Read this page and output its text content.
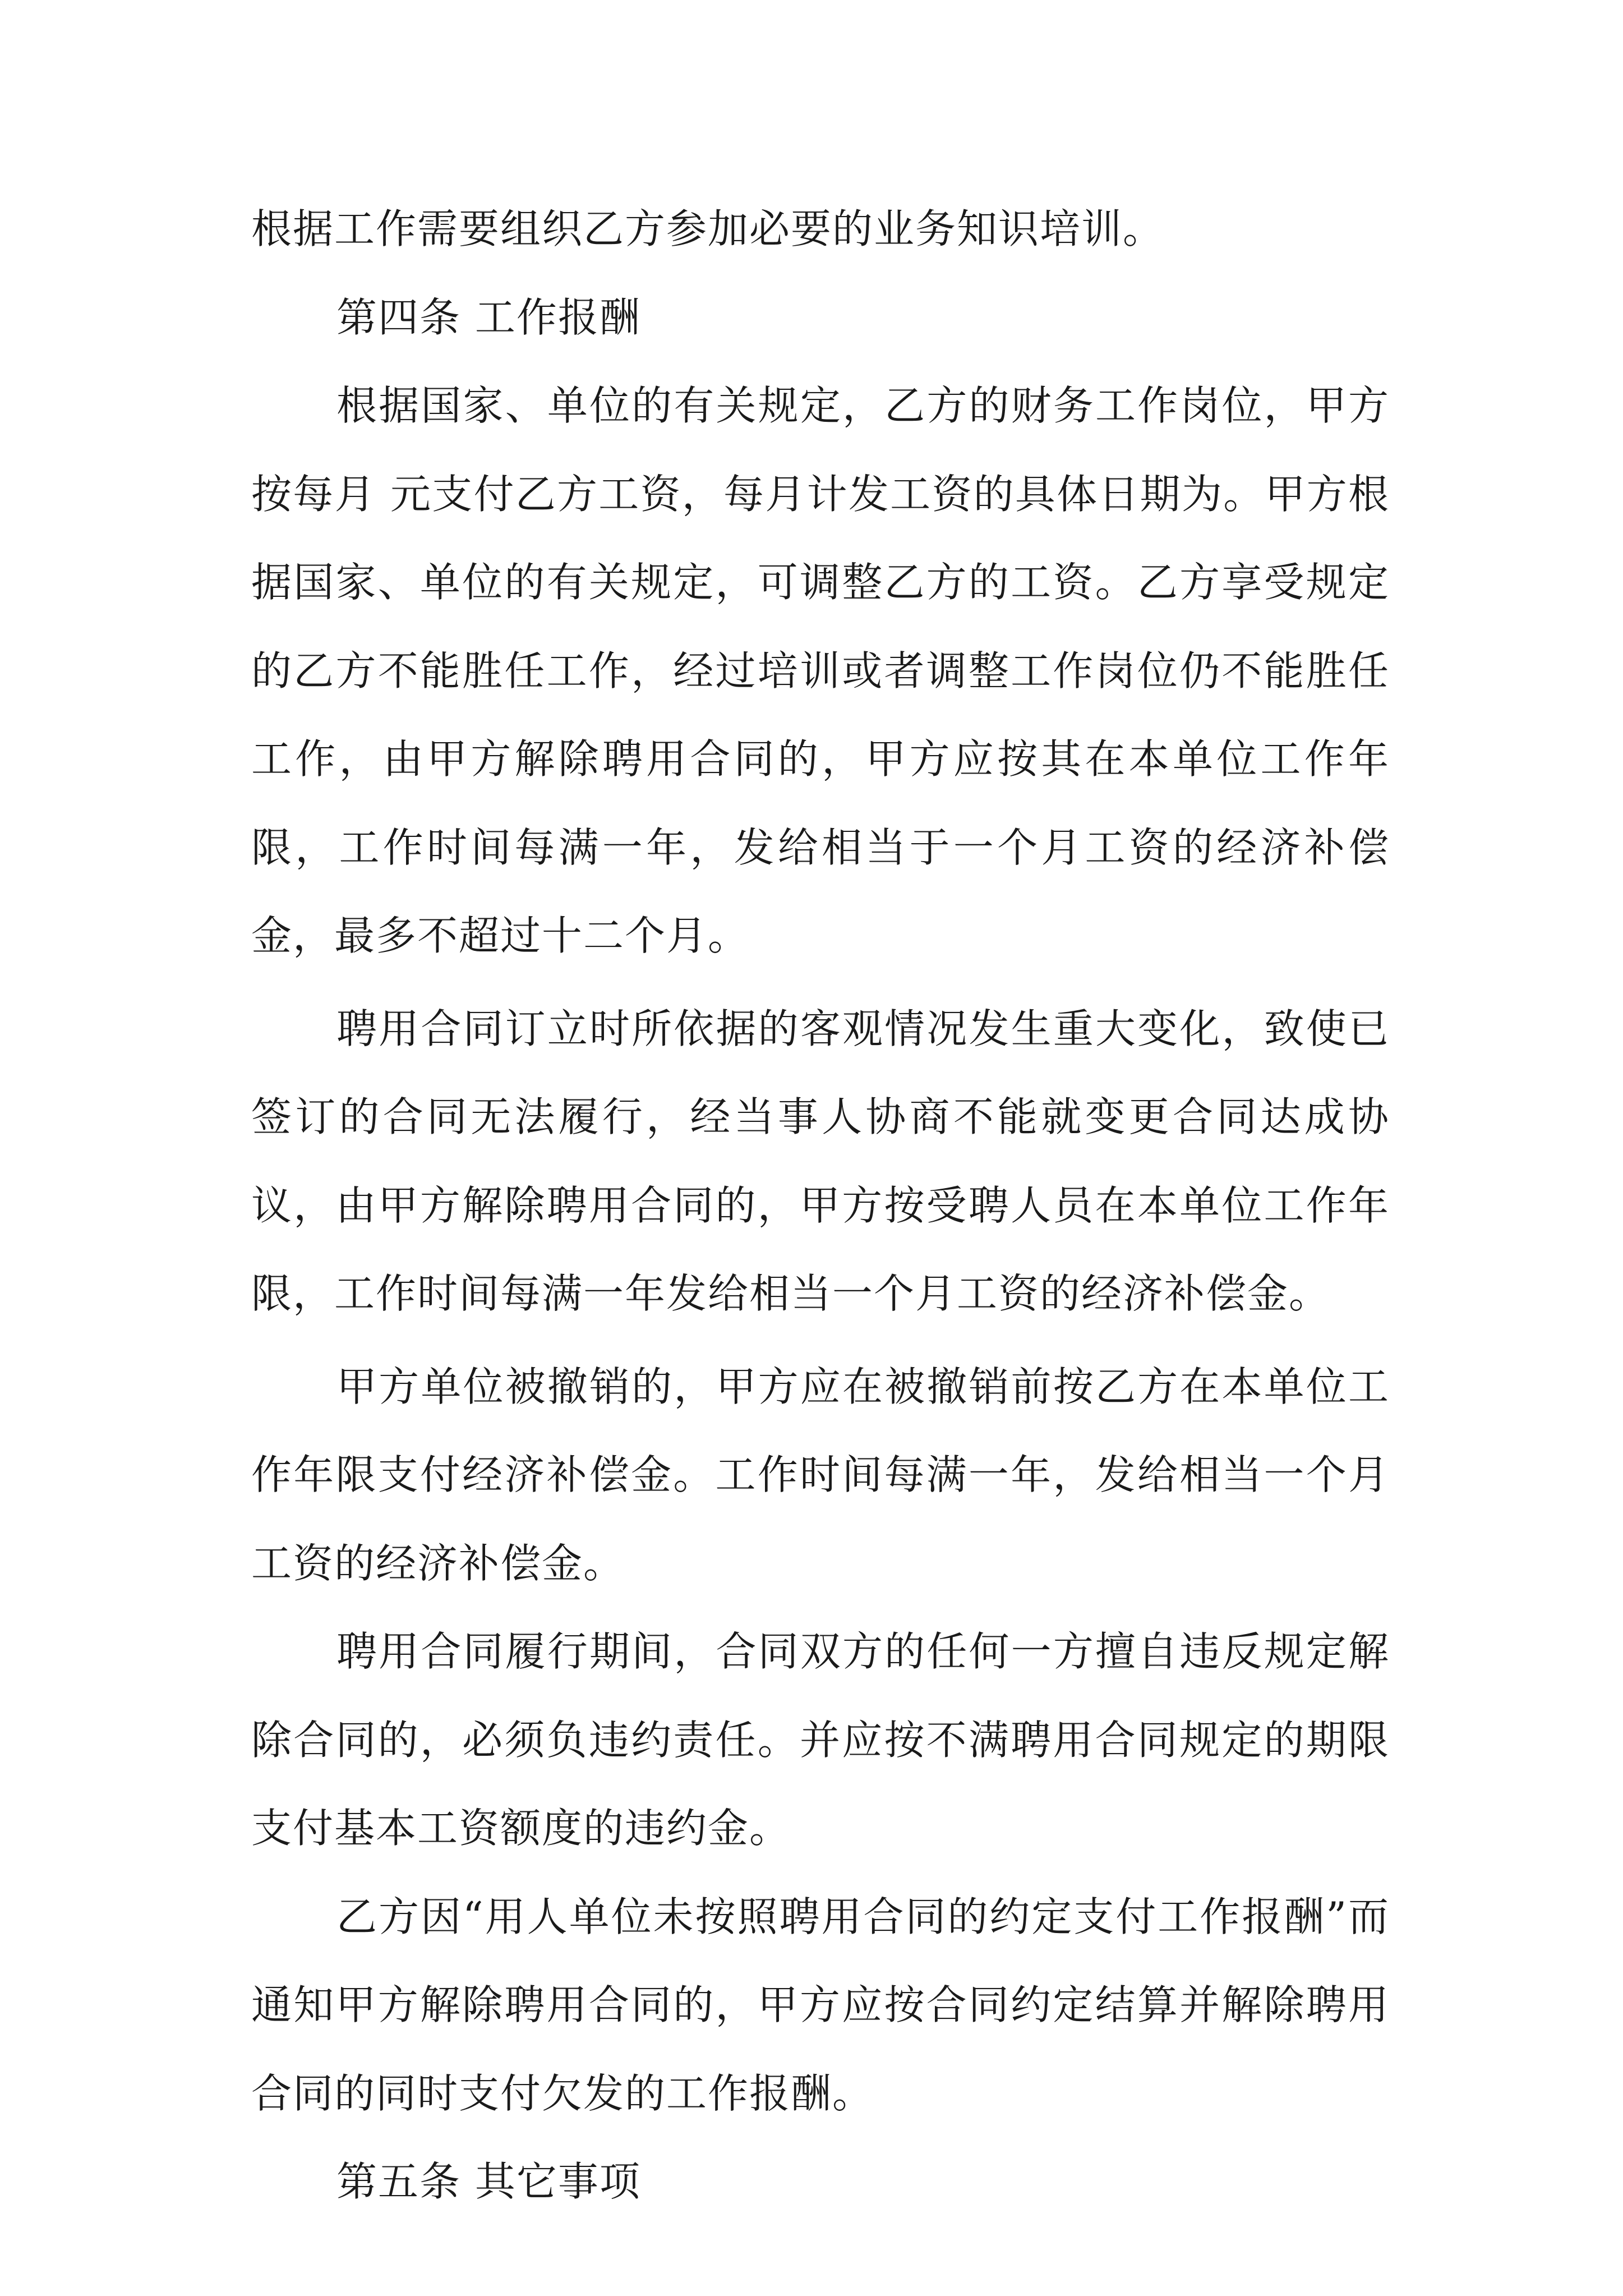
根据工作需要组织乙方参加必要的业务知识培训。

第四条 工作报酬

根据国家、单位的有关规定，乙方的财务工作岗位，甲方按每月 元支付乙方工资，每月计发工资的具体日期为。甲方根据国家、单位的有关规定，可调整乙方的工资。乙方享受规定的乙方不能胜任工作，经过培训或者调整工作岗位仍不能胜任工作，由甲方解除聘用合同的，甲方应按其在本单位工作年限，工作时间每满一年，发给相当于一个月工资的经济补偿金，最多不超过十二个月。

聘用合同订立时所依据的客观情况发生重大变化，致使已签订的合同无法履行，经当事人协商不能就变更合同达成协议，由甲方解除聘用合同的，甲方按受聘人员在本单位工作年限，工作时间每满一年发给相当一个月工资的经济补偿金。

甲方单位被撤销的，甲方应在被撤销前按乙方在本单位工作年限支付经济补偿金。工作时间每满一年，发给相当一个月工资的经济补偿金。

聘用合同履行期间，合同双方的任何一方擅自违反规定解除合同的，必须负违约责任。并应按不满聘用合同规定的期限支付基本工资额度的违约金。

乙方因“用人单位未按照聘用合同的约定支付工作报酬”而通知甲方解除聘用合同的，甲方应按合同约定结算并解除聘用合同的同时支付欠发的工作报酬。

第五条 其它事项
